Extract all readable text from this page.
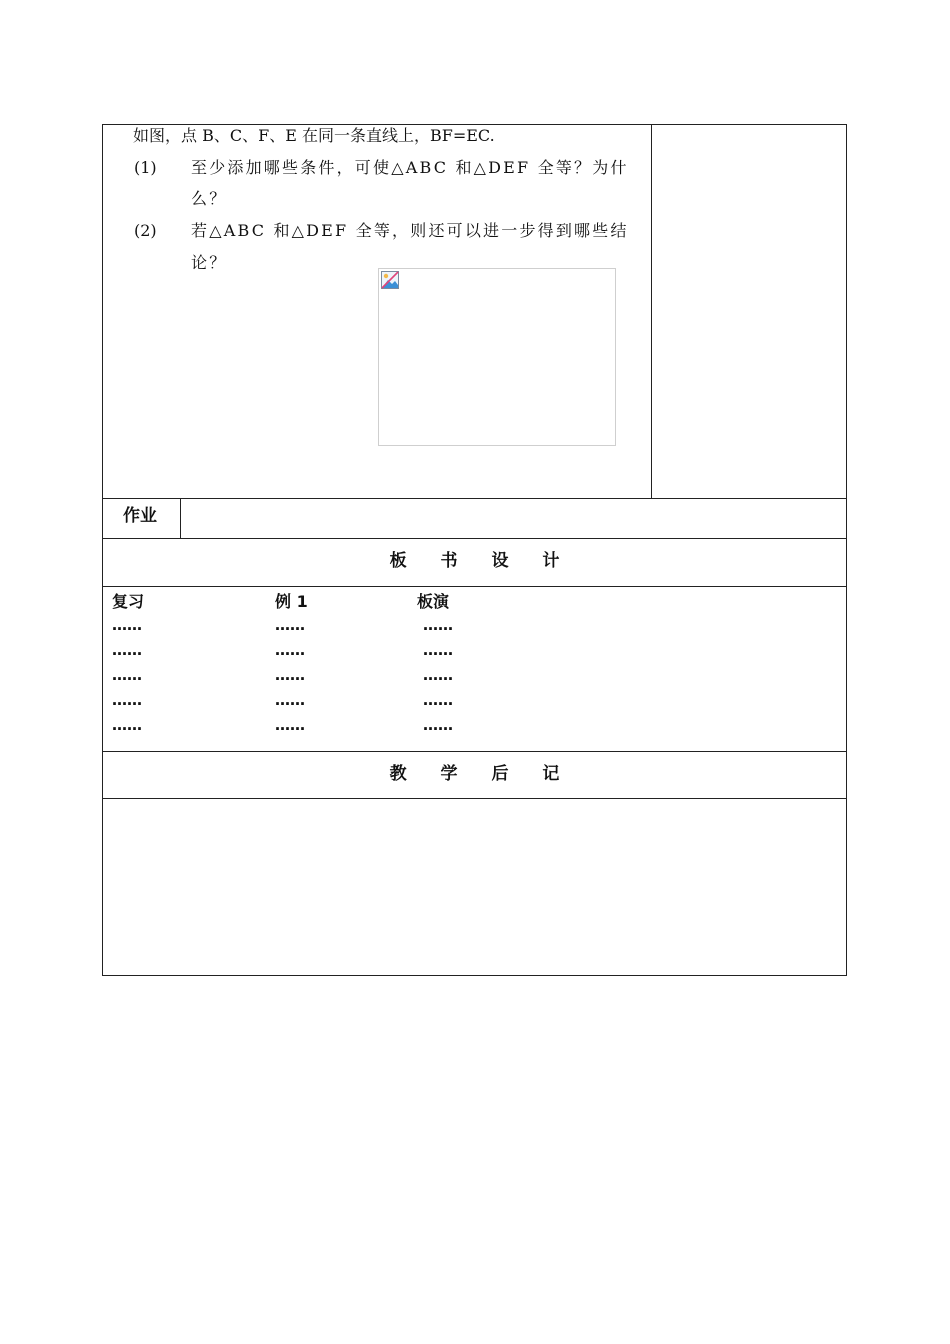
如图，点 B、C、F、E 在同一条直线上，BF=EC.
(1) 至少添加哪些条件，可使△ABC 和△DEF 全等？为什
么？
(2) 若△ABC 和△DEF 全等，则还可以进一步得到哪些结
论？
作业
板 书 设 计
复习
……
……
……
……
……
例 1
……
……
……
……
……
板演
……
……
……
……
……
教 学 后 记
